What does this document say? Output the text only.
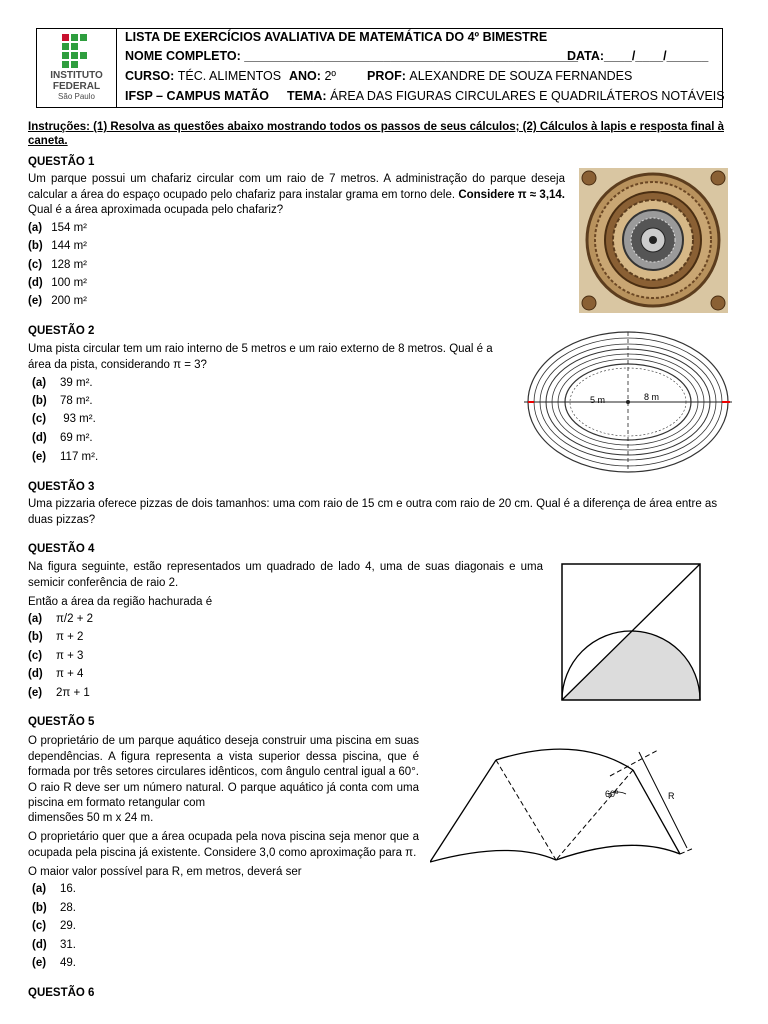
INSTITUTO
FEDERAL
São Paulo
LISTA DE EXERCÍCIOS AVALIATIVA DE MATEMÁTICA DO 4º BIMESTRE
NOME COMPLETO: ________________________________________________
DATA:____/____/______
CURSO: TÉC. ALIMENTOS ANO: 2º PROF: ALEXANDRE DE SOUZA FERNANDES
IFSP – CAMPUS MATÃO TEMA: ÁREA DAS FIGURAS CIRCULARES E QUADRILÁTEROS NOTÁVEIS
Instruções: (1) Resolva as questões abaixo mostrando todos os passos de seus cálculos; (2) Cálculos à lapis e resposta final à caneta.
QUESTÃO 1
Um parque possui um chafariz circular com um raio de 7 metros. A administração do parque deseja calcular a área do espaço ocupado pelo chafariz para instalar grama em torno dele. Considere π ≈ 3,14. Qual é a área aproximada ocupada pelo chafariz?
(a) 154 m²
(b) 144 m²
(c) 128 m²
(d) 100 m²
(e) 200 m²
QUESTÃO 2
Uma pista circular tem um raio interno de 5 metros e um raio externo de 8 metros. Qual é a área da pista, considerando π = 3?
(a) 39 m².
(b) 78 m².
(c) 93 m².
(d) 69 m².
(e) 117 m².
5 m	8 m
QUESTÃO 3
Uma pizzaria oferece pizzas de dois tamanhos: uma com raio de 15 cm e outra com raio de 20 cm. Qual é a diferença de área entre as duas pizzas?
QUESTÃO 4
Na figura seguinte, estão representados um quadrado de lado 4, uma de suas diagonais e uma semicir conferência de raio 2.
Então a área da região hachurada é
(a) π/2 + 2
(b) π + 2
(c) π + 3
(d) π + 4
(e) 2π + 1
QUESTÃO 5
O proprietário de um parque aquático deseja construir uma piscina em suas dependências. A figura representa a vista superior dessa piscina, que é formada por três setores circulares idênticos, com ângulo central igual a 60°. O raio R deve ser um número natural. O parque aquático já conta com uma piscina em formato retangular com
dimensões 50 m x 24 m.
O proprietário quer que a área ocupada pela nova piscina seja menor que a ocupada pela piscina já existente. Considere 3,0 como aproximação para π.
O maior valor possível para R, em metros, deverá ser
(a) 16.
(b) 28.
(c) 29.
(d) 31.
(e) 49.
60º	R
QUESTÃO 6
